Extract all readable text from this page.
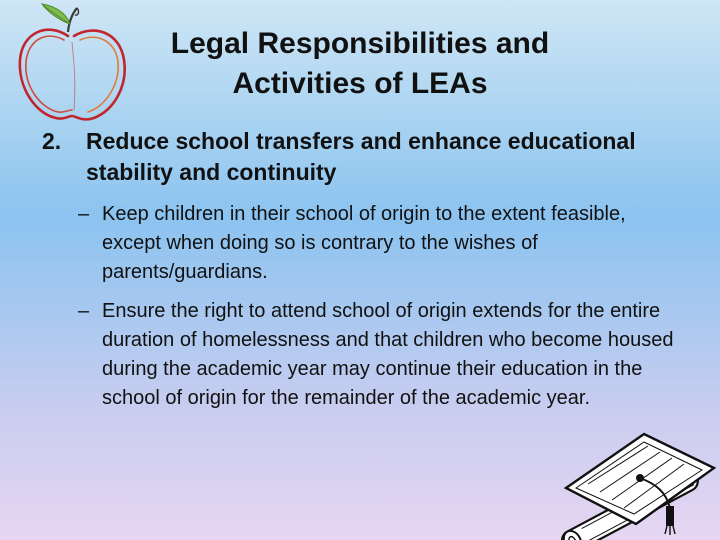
Legal Responsibilities and
Activities of LEAs
2. Reduce school transfers and enhance educational stability and continuity
– Keep children in their school of origin to the extent feasible, except when doing so is contrary to the wishes of parents/guardians.
– Ensure the right to attend school of origin extends for the entire duration of homelessness and that children who become housed during the academic year may continue their education in the school of origin for the remainder of the academic year.
